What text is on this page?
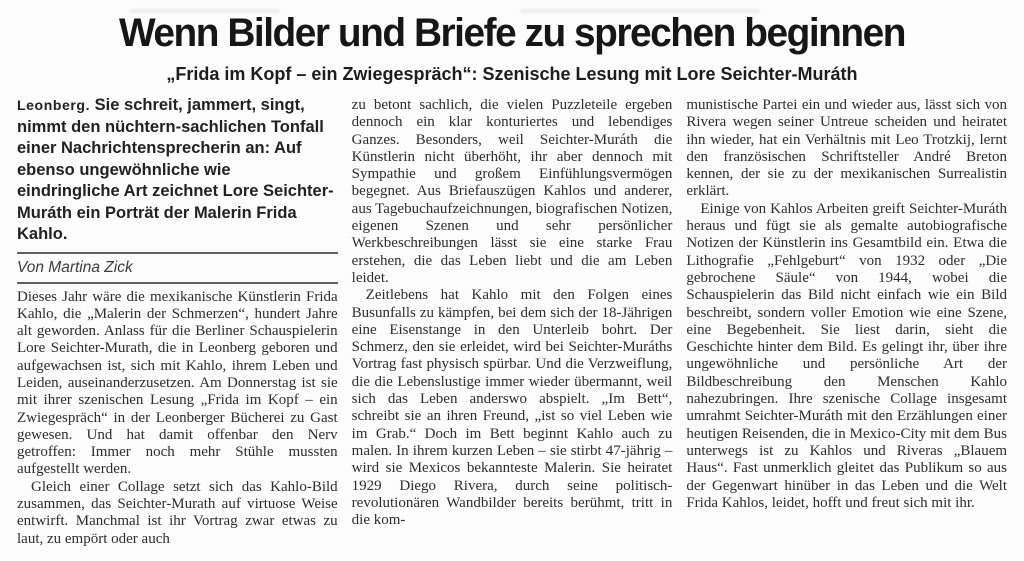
Wenn Bilder und Briefe zu sprechen beginnen
„Frida im Kopf – ein Zwiegespräch“: Szenische Lesung mit Lore Seichter-Muráth

Leonberg. Sie schreit, jammert, singt, nimmt den nüchtern-sachlichen Tonfall einer Nachrichtensprecherin an: Auf ebenso ungewöhnliche wie eindringliche Art zeichnet Lore Seichter-Muráth ein Porträt der Malerin Frida Kahlo.

Von Martina Zick

Dieses Jahr wäre die mexikanische Künstlerin Frida Kahlo, die „Malerin der Schmerzen“, hundert Jahre alt geworden. Anlass für die Berliner Schauspielerin Lore Seichter-Murath, die in Leonberg geboren und aufgewachsen ist, sich mit Kahlo, ihrem Leben und Leiden, auseinanderzusetzen. Am Donnerstag ist sie mit ihrer szenischen Lesung „Frida im Kopf – ein Zwiegespräch“ in der Leonberger Bücherei zu Gast gewesen. Und hat damit offenbar den Nerv getroffen: Immer noch mehr Stühle mussten aufgestellt werden.

Gleich einer Collage setzt sich das Kahlo-Bild zusammen, das Seichter-Murath auf virtuose Weise entwirft. Manchmal ist ihr Vortrag zwar etwas zu laut, zu empört oder auch

zu betont sachlich, die vielen Puzzleteile ergeben dennoch ein klar konturiertes und lebendiges Ganzes. Besonders, weil Seichter-Muráth die Künstlerin nicht überhöht, ihr aber dennoch mit Sympathie und großem Einfühlungsvermögen begegnet. Aus Briefauszügen Kahlos und anderer, aus Tagebuchaufzeichnungen, biografischen Notizen, eigenen Szenen und sehr persönlicher Werkbeschreibungen lässt sie eine starke Frau erstehen, die das Leben liebt und die am Leben leidet.

Zeitlebens hat Kahlo mit den Folgen eines Busunfalls zu kämpfen, bei dem sich der 18-Jährigen eine Eisenstange in den Unterleib bohrt. Der Schmerz, den sie erleidet, wird bei Seichter-Muráths Vortrag fast physisch spürbar. Und die Verzweiflung, die die Lebenslustige immer wieder übermannt, weil sich das Leben anderswo abspielt. „Im Bett“, schreibt sie an ihren Freund, „ist so viel Leben wie im Grab.“ Doch im Bett beginnt Kahlo auch zu malen. In ihrem kurzen Leben – sie stirbt 47-jährig – wird sie Mexicos bekannteste Malerin. Sie heiratet 1929 Diego Rivera, durch seine politisch-revolutionären Wandbilder bereits berühmt, tritt in die kom-

munistische Partei ein und wieder aus, lässt sich von Rivera wegen seiner Untreue scheiden und heiratet ihn wieder, hat ein Verhältnis mit Leo Trotzkij, lernt den französischen Schriftsteller André Breton kennen, der sie zu der mexikanischen Surrealistin erklärt.

Einige von Kahlos Arbeiten greift Seichter-Muráth heraus und fügt sie als gemalte autobiografische Notizen der Künstlerin ins Gesamtbild ein. Etwa die Lithografie „Fehlgeburt“ von 1932 oder „Die gebrochene Säule“ von 1944, wobei die Schauspielerin das Bild nicht einfach wie ein Bild beschreibt, sondern voller Emotion wie eine Szene, eine Begebenheit. Sie liest darin, sieht die Geschichte hinter dem Bild. Es gelingt ihr, über ihre ungewöhnliche und persönliche Art der Bildbeschreibung den Menschen Kahlo nahezubringen. Ihre szenische Collage insgesamt umrahmt Seichter-Muráth mit den Erzählungen einer heutigen Reisenden, die in Mexico-City mit dem Bus unterwegs ist zu Kahlos und Riveras „Blauem Haus“. Fast unmerklich gleitet das Publikum so aus der Gegenwart hinüber in das Leben und die Welt Frida Kahlos, leidet, hofft und freut sich mit ihr.
